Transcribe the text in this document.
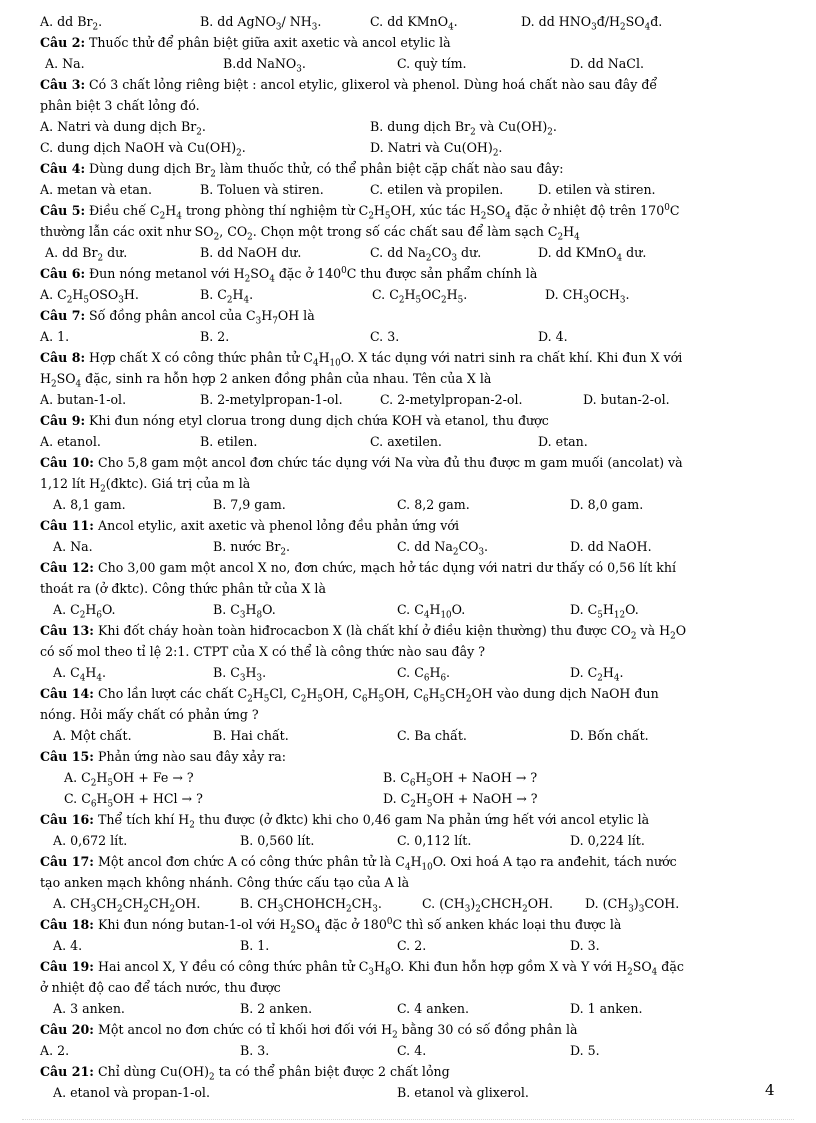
A. dd $Br_2$.	B. dd AgNO$_3$/ $NH_3$.	C. dd KMnO$_4$.	D. dd $HNO_3đ/H_2SO_4đ$.
Câu 2: Thuốc thử để phân biệt giữa axit axetic và ancol etylic là
A. Na.	B.dd NaNO$_3$.	C. quỳ tím.	D. dd NaCl.
Câu 3: Có 3 chất lỏng riêng biệt : ancol etylic, glixerol và phenol. Dùng hoá chất nào sau đây để
phân biệt 3 chất lỏng đó.
A. Natri và dung dịch $Br_2$.	B. dung dịch $Br_2$ và $Cu(OH)_2$.
C. dung dịch NaOH và $Cu(OH)_2$.	D. Natri và $Cu(OH)_2$.
Câu 4: Dùng dung dịch $Br_2$ làm thuốc thử, có thể phân biệt cặp chất nào sau đây:
A. metan và etan.	B. Toluen và stiren.	C. etilen và propilen.	D. etilen và stiren.
Câu 5: Điều chế $C_2H_4$ trong phòng thí nghiệm từ $C_2H_5OH$, xúc tác $H_2SO_4$ đặc ở nhiệt độ trên $170^0C$
thường lẫn các oxit như $SO_2$, $CO_2$. Chọn một trong số các chất sau để làm sạch $C_2H_4$
A. dd $Br_2$ dư.	B. dd NaOH dư.	C. dd $Na_2CO_3$ dư.	D. dd KMnO$_4$ dư.
Câu 6: Đun nóng metanol với $H_2SO_4$ đặc ở $140^0C$ thu được sản phẩm chính là
A. $C_2H_5OSO_3H$.	B. $C_2H_4$.	C. $C_2H_5OC_2H_5$.	D. $CH_3OCH_3$.
Câu 7: Số đồng phân ancol của $C_3H_7OH$ là
A. 1.	B. 2.	C. 3.	D. 4.
Câu 8: Hợp chất X có công thức phân tử $C_4H_{10}O$. X tác dụng với natri sinh ra chất khí. Khi đun X với
$H_2SO_4$ đặc, sinh ra hỗn hợp 2 anken đồng phân của nhau. Tên của X là
A. butan-1-ol.	B. 2-metylpropan-1-ol.	C. 2-metylpropan-2-ol.	D. butan-2-ol.
Câu 9: Khi đun nóng etyl clorua trong dung dịch chứa KOH và etanol, thu được
A. etanol.	B. etilen.	C. axetilen.	D. etan.
Câu 10: Cho 5,8 gam một ancol đơn chức tác dụng với Na vừa đủ thu được m gam muối (ancolat) và
1,12 lít $H_2(đktc)$. Giá trị của m là
A. 8,1 gam.	B. 7,9 gam.	C. 8,2 gam.	D. 8,0 gam.
Câu 11: Ancol etylic, axit axetic và phenol lỏng đều phản ứng với
A. Na.	B. nước $Br_2$.	C. dd $Na_2CO_3$.	D. dd NaOH.
Câu 12: Cho 3,00 gam một ancol X no, đơn chức, mạch hở tác dụng với natri dư thấy có 0,56 lít khí
thoát ra (ở đktc). Công thức phân tử của X là
A. $C_2H_6O$.	B. $C_3H_8O$.	C. $C_4H_{10}O$.	D. $C_5H_{12}O$.
Câu 13: Khi đốt cháy hoàn toàn hiđrocacbon X (là chất khí ở điều kiện thường) thu được $CO_2$ và $H_2O$
có số mol theo tỉ lệ 2:1. CTPT của X có thể là công thức nào sau đây ?
A. $C_4H_4$.	B. $C_3H_3$.	C. $C_6H_6$.	D. $C_2H_4$.
Câu 14: Cho lần lượt các chất $C_2H_5Cl$, $C_2H_5OH$, $C_6H_5OH$, $C_6H_5CH_2OH$ vào dung dịch NaOH đun
nóng. Hỏi mấy chất có phản ứng ?
A. Một chất.	B. Hai chất.	C. Ba chất.	D. Bốn chất.
Câu 15: Phản ứng nào sau đây xảy ra:
A. $C_2H_5OH + Fe$ → ?	B. $C_6H_5OH$ + NaOH → ?
C. $C_6H_5OH$ + HCl → ?	D. $C_2H_5OH$ + NaOH → ?
Câu 16: Thể tích khí $H_2$ thu được (ở đktc) khi cho 0,46 gam Na phản ứng hết với ancol etylic là
A. 0,672 lít.	B. 0,560 lít.	C. 0,112 lít.	D. 0,224 lít.
Câu 17: Một ancol đơn chức A có công thức phân tử là $C_4H_{10}O$. Oxi hoá A tạo ra anđehit, tách nước
tạo anken mạch không nhánh. Công thức cấu tạo của A là
A. $CH_3CH_2CH_2CH_2OH$.	B. $CH_3CHOHCH_2CH_3$.	C. $(CH_3)_2CHCH_2OH$.	D. $(CH_3)_3COH$.
Câu 18: Khi đun nóng butan-1-ol với $H_2SO_4$ đặc ở $180^0C$ thì số anken khác loại thu được là
A. 4.	B. 1.	C. 2.	D. 3.
Câu 19: Hai ancol X, Y đều có công thức phân tử $C_3H_8O$. Khi đun hỗn hợp gồm X và Y với $H_2SO_4$ đặc
ở nhiệt độ cao để tách nước, thu được
A. 3 anken.	B. 2 anken.	C. 4 anken.	D. 1 anken.
Câu 20: Một ancol no đơn chức có tỉ khối hơi đối với $H_2$ bằng 30 có số đồng phân là
A. 2.	B. 3.	C. 4.	D. 5.
Câu 21: Chỉ dùng $Cu(OH)_2$ ta có thể phân biệt được 2 chất lỏng
A. etanol và propan-1-ol.	B. etanol và glixerol.	4
